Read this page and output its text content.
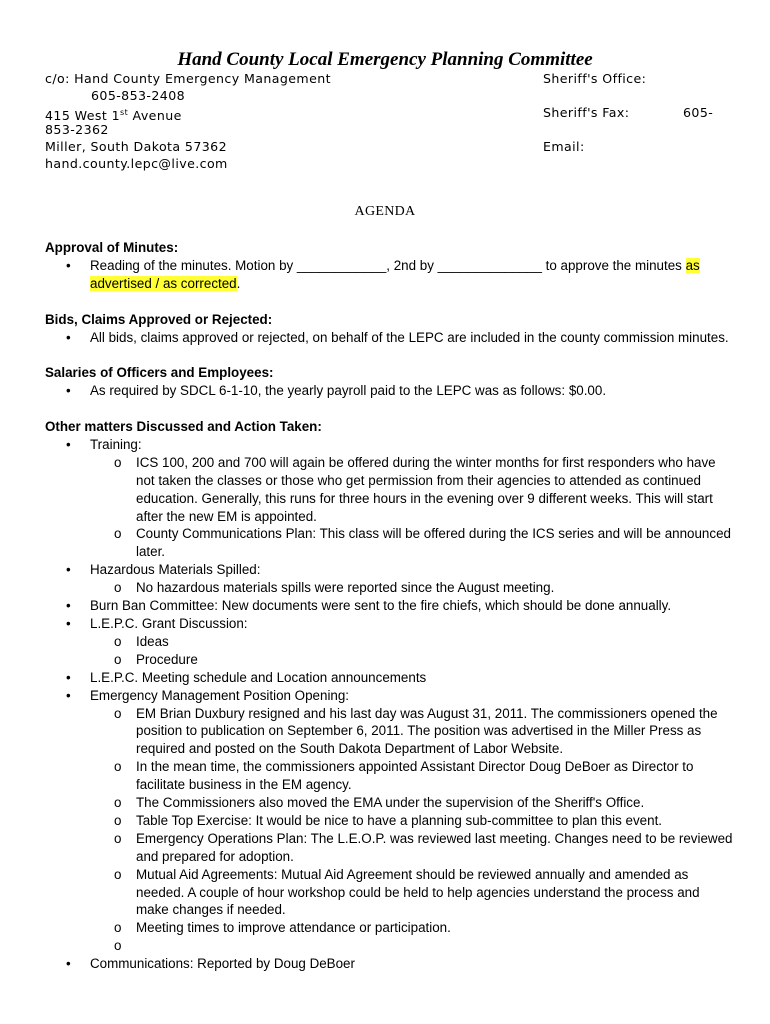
Hand County Local Emergency Planning Committee
c/o: Hand County Emergency Management
605-853-2408
415 West 1st Avenue
853-2362
Miller, South Dakota 57362
hand.county.lepc@live.com
Sheriff's Office:
Sheriff's Fax:	605-
Email:
AGENDA

Approval of Minutes:

• Reading of the minutes. Motion by ____________, 2nd by ______________ to approve the minutes as advertised / as corrected.

Bids, Claims Approved or Rejected:

• All bids, claims approved or rejected, on behalf of the LEPC are included in the county commission minutes.

Salaries of Officers and Employees:

• As required by SDCL 6-1-10, the yearly payroll paid to the LEPC was as follows: $0.00.

Other matters Discussed and Action Taken:

• Training:
o ICS 100, 200 and 700 will again be offered during the winter months for first responders who have not taken the classes or those who get permission from their agencies to attended as continued education. Generally, this runs for three hours in the evening over 9 different weeks. This will start after the new EM is appointed.
o County Communications Plan: This class will be offered during the ICS series and will be announced later.
• Hazardous Materials Spilled:
o No hazardous materials spills were reported since the August meeting.
• Burn Ban Committee: New documents were sent to the fire chiefs, which should be done annually.
• L.E.P.C. Grant Discussion:
o Ideas
o Procedure
• L.E.P.C. Meeting schedule and Location announcements
• Emergency Management Position Opening:
o EM Brian Duxbury resigned and his last day was August 31, 2011. The commissioners opened the position to publication on September 6, 2011. The position was advertised in the Miller Press as required and posted on the South Dakota Department of Labor Website.
o In the mean time, the commissioners appointed Assistant Director Doug DeBoer as Director to facilitate business in the EM agency.
o The Commissioners also moved the EMA under the supervision of the Sheriff's Office.
o Table Top Exercise: It would be nice to have a planning sub-committee to plan this event.
o Emergency Operations Plan: The L.E.O.P. was reviewed last meeting. Changes need to be reviewed and prepared for adoption.
o Mutual Aid Agreements: Mutual Aid Agreement should be reviewed annually and amended as needed. A couple of hour workshop could be held to help agencies understand the process and make changes if needed.
o Meeting times to improve attendance or participation.
o
• Communications: Reported by Doug DeBoer
